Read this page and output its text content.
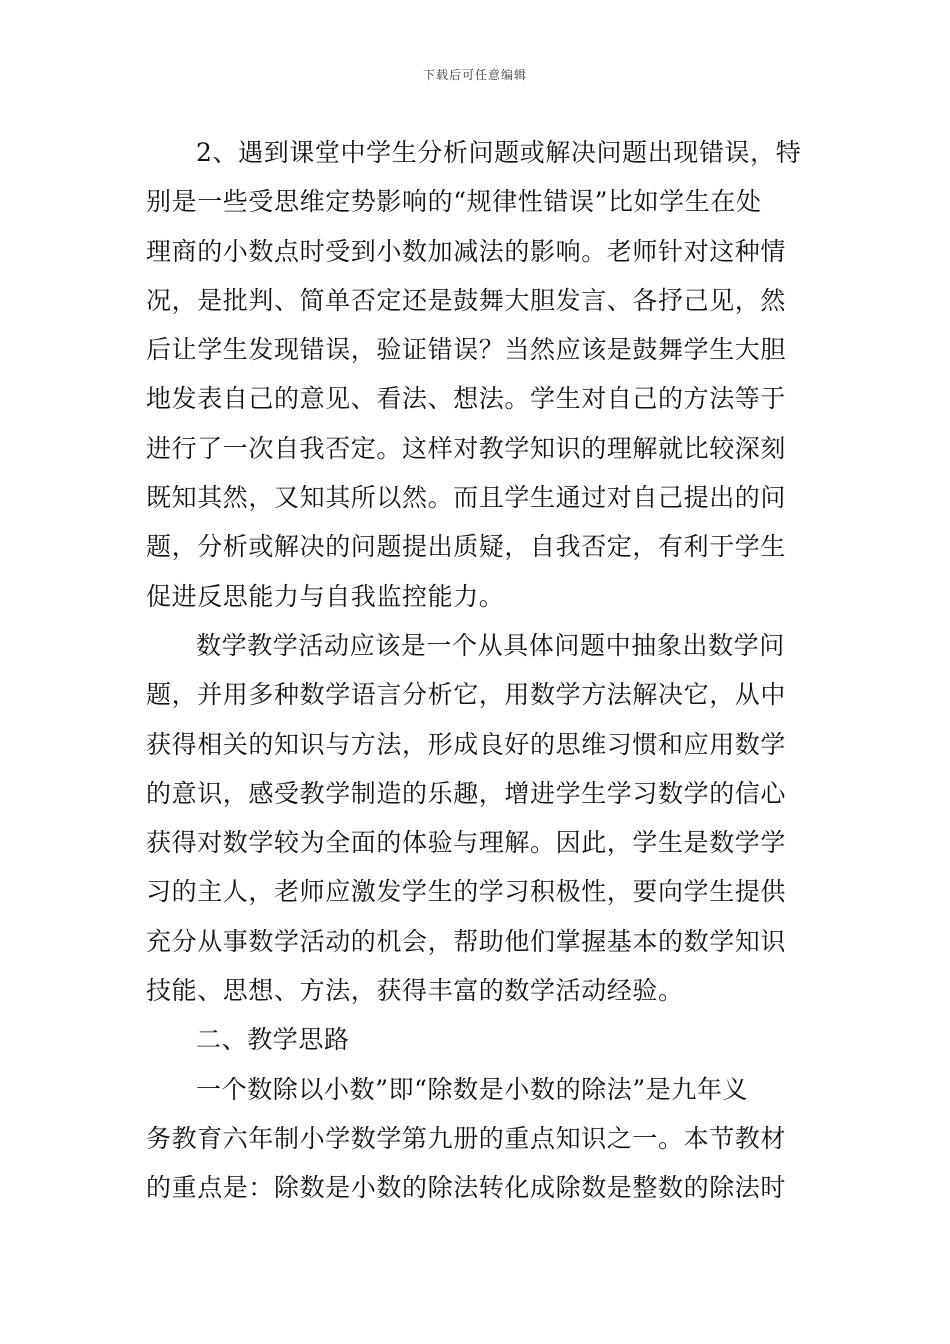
下载后可任意编辑
2、遇到课堂中学生分析问题或解决问题出现错误，特
别是一些受思维定势影响的“规律性错误”比如学生在处
理商的小数点时受到小数加减法的影响。老师针对这种情
况，是批判、简单否定还是鼓舞大胆发言、各抒己见，然
后让学生发现错误，验证错误？当然应该是鼓舞学生大胆
地发表自己的意见、看法、想法。学生对自己的方法等于
进行了一次自我否定。这样对教学知识的理解就比较深刻
既知其然，又知其所以然。而且学生通过对自己提出的问
题，分析或解决的问题提出质疑，自我否定，有利于学生
促进反思能力与自我监控能力。
数学教学活动应该是一个从具体问题中抽象出数学问
题，并用多种数学语言分析它，用数学方法解决它，从中
获得相关的知识与方法，形成良好的思维习惯和应用数学
的意识，感受教学制造的乐趣，增进学生学习数学的信心
获得对数学较为全面的体验与理解。因此，学生是数学学
习的主人，老师应激发学生的学习积极性，要向学生提供
充分从事数学活动的机会，帮助他们掌握基本的数学知识
技能、思想、方法，获得丰富的数学活动经验。
二、教学思路
一个数除以小数”即“除数是小数的除法”是九年义
务教育六年制小学数学第九册的重点知识之一。本节教材
的重点是：除数是小数的除法转化成除数是整数的除法时
